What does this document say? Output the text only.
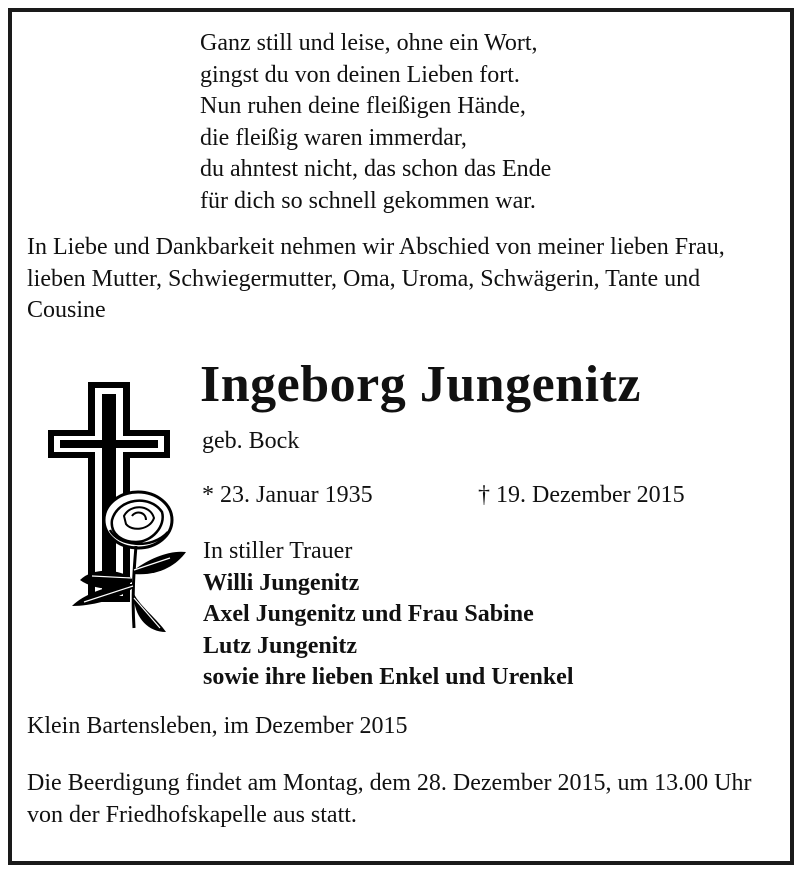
Ganz still und leise, ohne ein Wort,
gingst du von deinen Lieben fort.
Nun ruhen deine fleißigen Hände,
die fleißig waren immerdar,
du ahntest nicht, das schon das Ende
für dich so schnell gekommen war.
In Liebe und Dankbarkeit nehmen wir Abschied von meiner lieben Frau, lieben Mutter, Schwiegermutter, Oma, Uroma, Schwägerin, Tante und Cousine
Ingeborg Jungenitz
geb. Bock
* 23. Januar 1935	† 19. Dezember 2015
In stiller Trauer
Willi Jungenitz
Axel Jungenitz und Frau Sabine
Lutz Jungenitz
sowie ihre lieben Enkel und Urenkel
Klein Bartensleben, im Dezember 2015
Die Beerdigung findet am Montag, dem 28. Dezember 2015, um 13.00 Uhr von der Friedhofskapelle aus statt.
